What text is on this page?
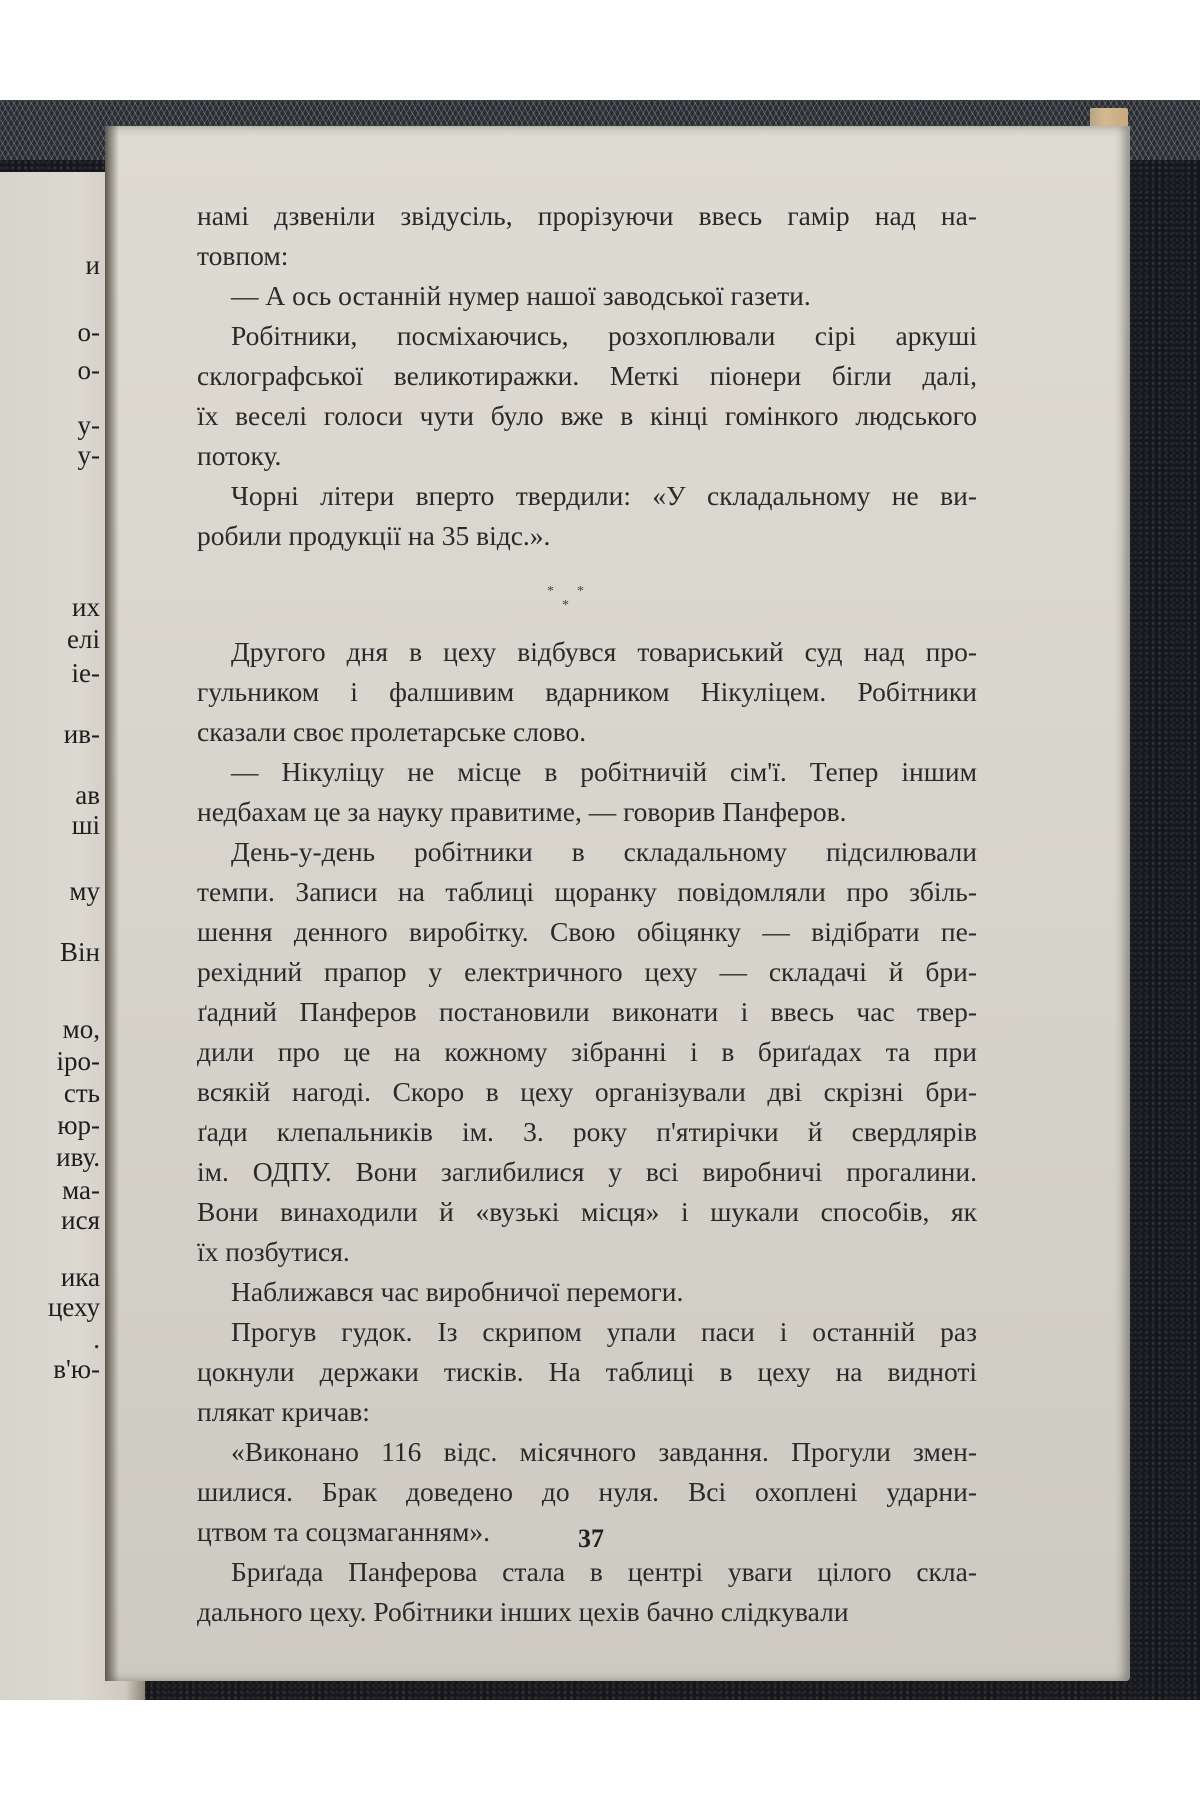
и
о-
о-
у-
у-
их
елі
іе-
ив-
ав
ші
му
Він
мо,
іро-
сть
юр-
иву.
ма-
ися
ика
цеху
.
в'ю-

намі дзвеніли звідусіль, прорізуючи ввесь гамір над на-
товпом:

— А ось останній нумер нашої заводської газети.

Робітники, посміхаючись, розхоплювали сірі аркуші
склографської великотиражки. Меткі піонери бігли далі,
їх веселі голоси чути було вже в кінці гомінкого людського
потоку.

Чорні літери вперто твердили: «У складальному не ви-
робили продукції на 35 відс.».

* *
*

Другого дня в цеху відбувся товариський суд над про-
гульником і фалшивим вдарником Нікуліцем. Робітники
сказали своє пролетарське слово.

— Нікуліцу не місце в робітничій сім'ї. Тепер іншим
недбахам це за науку правитиме, — говорив Панферов.

День-у-день робітники в складальному підсилювали
темпи. Записи на таблиці щоранку повідомляли про збіль-
шення денного виробітку. Свою обіцянку — відібрати пе-
рехідний прапор у електричного цеху — складачі й бри-
ґадний Панферов постановили виконати і ввесь час твер-
дили про це на кожному зібранні і в бриґадах та при
всякій нагоді. Скоро в цеху організували дві скрізні бри-
ґади клепальників ім. 3. року п'ятирічки й свердлярів
ім. ОДПУ. Вони заглибилися у всі виробничі прогалини.
Вони винаходили й «вузькі місця» і шукали способів, як
їх позбутися.

Наближався час виробничої перемоги.

Прогув гудок. Із скрипом упали паси і останній раз
цокнули держаки тисків. На таблиці в цеху на видноті
плякат кричав:

«Виконано 116 відс. місячного завдання. Прогули змен-
шилися. Брак доведено до нуля. Всі охоплені ударни-
цтвом та соцзмаганням».

Бриґада Панферова стала в центрі уваги цілого скла-
дального цеху. Робітники інших цехів бачно слідкували

37
